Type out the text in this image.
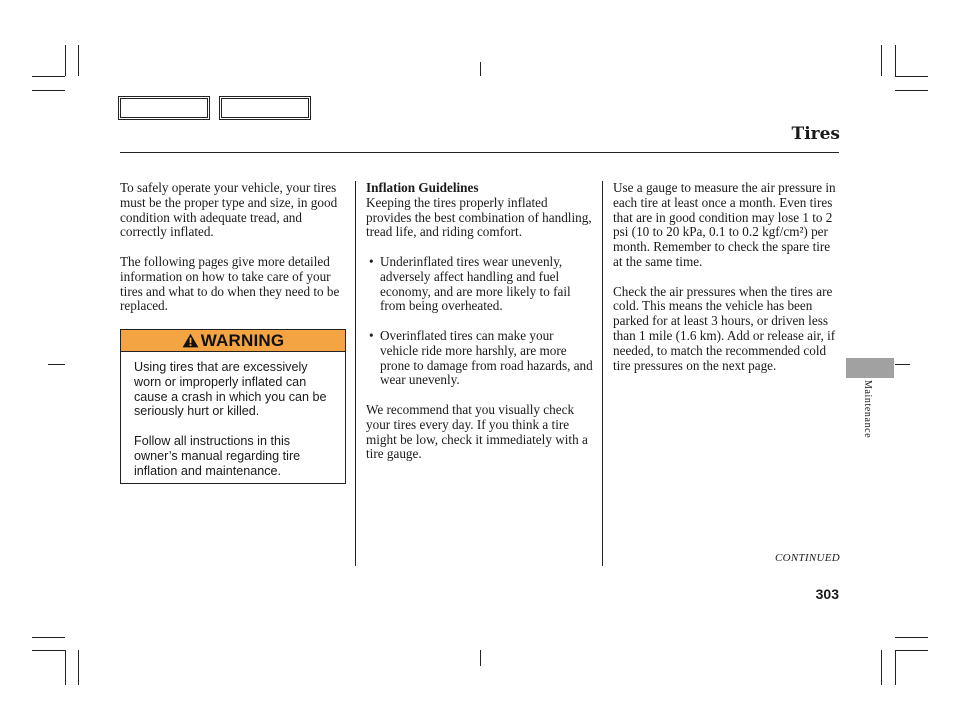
Tires

To safely operate your vehicle, your tires must be the proper type and size, in good condition with adequate tread, and correctly inflated.

The following pages give more detailed information on how to take care of your tires and what to do when they need to be replaced.

WARNING

Using tires that are excessively worn or improperly inflated can cause a crash in which you can be seriously hurt or killed.

Follow all instructions in this owner’s manual regarding tire inflation and maintenance.

Inflation Guidelines

Keeping the tires properly inflated provides the best combination of handling, tread life, and riding comfort.

• Underinflated tires wear unevenly, adversely affect handling and fuel economy, and are more likely to fail from being overheated.
• Overinflated tires can make your vehicle ride more harshly, are more prone to damage from road hazards, and wear unevenly.

We recommend that you visually check your tires every day. If you think a tire might be low, check it immediately with a tire gauge.

Use a gauge to measure the air pressure in each tire at least once a month. Even tires that are in good condition may lose 1 to 2 psi (10 to 20 kPa, 0.1 to 0.2 kgf/cm²) per month. Remember to check the spare tire at the same time.

Check the air pressures when the tires are cold. This means the vehicle has been parked for at least 3 hours, or driven less than 1 mile (1.6 km). Add or release air, if needed, to match the recommended cold tire pressures on the next page.

Maintenance
CONTINUED
303
